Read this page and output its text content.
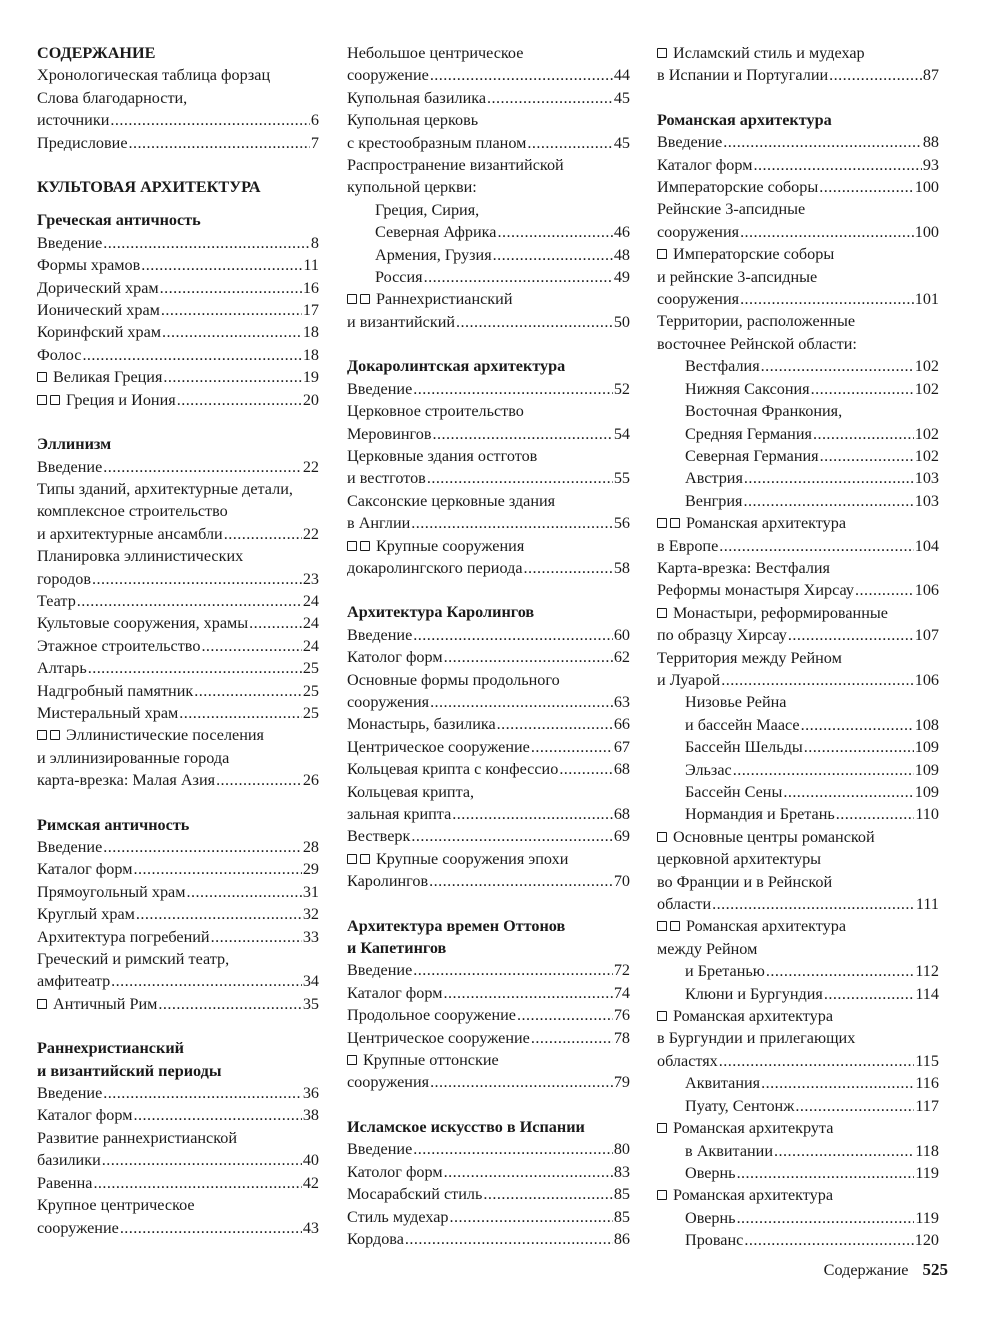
СОДЕРЖАНИЕ
Хронологическая таблица форзац
Слова благодарности,
источники . . .	6
Предисловие . . .	7
КУЛЬТОВАЯ АРХИТЕКТУРА
Греческая античность
Введение . . .	8
Формы храмов . . .	11
Дорический храм . . .	16
Ионический храм . . .	17
Коринфский храм . . .	18
Фолос . . .	18
Великая Греция . . .	19
Греция и Иония . . .	20
Эллинизм
Введение . . .	22
Типы зданий, архитектурные детали,
комплексное строительство
и архитектурные ансамбли . . .	22
Планировка эллинистических
городов . . .	23
Театр . . .	24
Культовые сооружения, храмы . . .	24
Этажное строительство . . .	24
Алтарь . . .	25
Надгробный памятник . . .	25
Мистеральный храм . . .	25
Эллинистические поселения
и эллинизированные города
карта-врезка: Малая Азия . . .	26
Римская античность
Введение . . .	28
Каталог форм . . .	29
Прямоугольный храм . . .	31
Круглый храм . . .	32
Архитектура погребений . . .	33
Греческий и римский театр,
амфитеатр . . .	34
Античный Рим . . .	35
Раннехристианский
и византийский периоды
Введение . . .	36
Каталог форм . . .	38
Развитие раннехристианской
базилики . . .	40
Равенна . . .	42
Крупное центрическое
сооружение . . .	43
Небольшое центрическое
сооружение . . .	44
Купольная базилика . . .	45
Купольная церковь
с крестообразным планом . . .	45
Распространение византийской
купольной церкви:
Греция, Сирия,
Северная Африка . . .	46
Армения, Грузия . . .	48
Россия . . .	49
Раннехристианский
и византийский . . .	50
Докаролинтская архитектура
Введение . . .	52
Церковное строительство
Меровингов . . .	54
Церковные здания остготов
и вестготов . . .	55
Саксонские церковные здания
в Англии . . .	56
Крупные сооружения
докаролингского периода . . .	58
Архитектура Каролингов
Введение . . .	60
Католог форм . . .	62
Основные формы продольного
сооружения . . .	63
Монастырь, базилика . . .	66
Центрическое сооружение . . .	67
Кольцевая крипта с конфессио . . .	68
Кольцевая крипта,
зальная крипта . . .	68
Вестверк . . .	69
Крупные сооружения эпохи
Каролингов . . .	70
Архитектура времен Оттонов
и Капетингов
Введение . . .	72
Каталог форм . . .	74
Продольное сооружение . . .	76
Центрическое сооружение . . .	78
Крупные оттонские
сооружения . . .	79
Исламское искусство в Испании
Введение . . .	80
Католог форм . . .	83
Мосарабский стиль . . .	85
Стиль мудехар . . .	85
Кордова . . .	86
Исламский стиль и мудехар
в Испании и Португалии . . .	87
Романская архитектура
Введение . . .	88
Каталог форм . . .	93
Императорские соборы . . .	100
Рейнские 3-апсидные
сооружения . . .	100
Императорские соборы
и рейнские 3-апсидные
сооружения . . .	101
Территории, расположенные
восточнее Рейнской области:
Вестфалия . . .	102
Нижняя Саксония . . .	102
Восточная Франкония,
Средняя Германия . . .	102
Северная Германия . . .	102
Австрия . . .	103
Венгрия . . .	103
Романская архитектура
в Европе . . .	104
Карта-врезка: Вестфалия
Реформы монастыря Хирсау . . .	106
Монастыри, реформированные
по образцу Хирсау . . .	107
Территория между Рейном
и Луарой . . .	106
Низовье Рейна
и бассейн Маасе . . .	108
Бассейн Шельды . . .	109
Эльзас . . .	109
Бассейн Сены . . .	109
Нормандия и Бретань . . .	110
Основные центры романской
церковной архитектуры
во Франции и в Рейнской
области . . .	111
Романская архитектура
между Рейном
и Бретанью . . .	112
Клюни и Бургундия . . .	114
Романская архитектура
в Бургундии и прилегающих
областях . . .	115
Аквитания . . .	116
Пуату, Сентонж . . .	117
Романская архитекрута
в Аквитании . . .	118
Овернь . . .	119
Романская архитектура
Овернь . . .	119
Прованс . . .	120
Содержание 525
